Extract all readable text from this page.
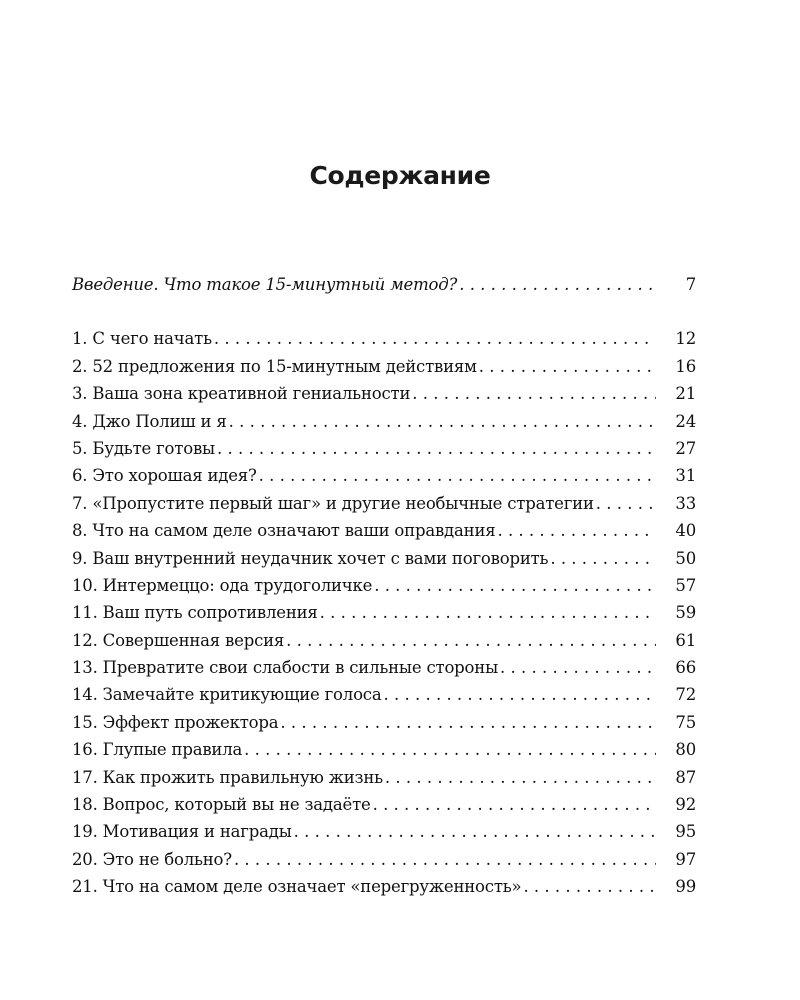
Содержание
Введение. Что такое 15-минутный метод? . . .	7
1. С чего начать . . .	12
2. 52 предложения по 15-минутным действиям . . .	16
3. Ваша зона креативной гениальности . . .	21
4. Джо Полиш и я . . .	24
5. Будьте готовы . . .	27
6. Это хорошая идея? . . .	31
7. «Пропустите первый шаг» и другие необычные стратегии . . .	33
8. Что на самом деле означают ваши оправдания . . .	40
9. Ваш внутренний неудачник хочет с вами поговорить . . .	50
10. Интермеццо: ода трудоголичке . . .	57
11. Ваш путь сопротивления . . .	59
12. Совершенная версия . . .	61
13. Превратите свои слабости в сильные стороны . . .	66
14. Замечайте критикующие голоса . . .	72
15. Эффект прожектора . . .	75
16. Глупые правила . . .	80
17. Как прожить правильную жизнь . . .	87
18. Вопрос, который вы не задаёте . . .	92
19. Мотивация и награды . . .	95
20. Это не больно? . . .	97
21. Что на самом деле означает «перегруженность» . . .	99
